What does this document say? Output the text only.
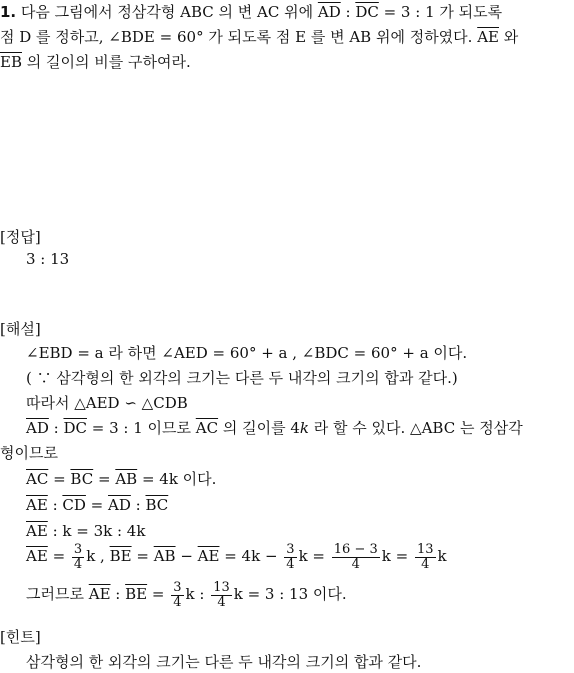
1. 다음 그림에서 정삼각형 ABC 의 변 AC 위에 $\overline{AD}$ : $\overline{DC} = 3$ : 1 가 되도록
점 D 를 정하고, ∠BDE = 60° 가 되도록 점 E 를 변 AB 위에 정하였다. $\overline{AE}$ 와
$\overline{EB}$ 의 길이의 비를 구하여라.
[정답]
3 : 13
[해설]
∠EBD = a 라 하면 ∠AED = 60° + a , ∠BDC = 60° + a 이다.
( ∵ 삼각형의 한 외각의 크기는 다른 두 내각의 크기의 합과 같다.)
따라서 △AED ∽ △CDB
$\overline{AD}$ : $\overline{DC} = 3$ : 1 이므로 $\overline{AC}$ 의 길이를 4k 라 할 수 있다. △ABC 는 정삼각
형이므로
$\overline{AC} = \overline{BC} = \overline{AB} = 4k$ 이다.
$\overline{AE}$ : $\overline{CD} = \overline{AD}$ : $\overline{BC}$
$\overline{AE}$ : k = 3k : 4k
$\overline{AE} = \frac{3}{4}$ k , $\overline{BE} = \overline{AB} - \overline{AE} = 4k - \frac{3}{4}$ $k = \frac{16 - 3}{4}$ $k = \frac{13}{4}$ k
그러므로 $\overline{AE}$ : $\overline{BE} = \frac{3}{4}$ k : $\frac{13}{4}$ k = 3 : 13 이다.
[힌트]
삼각형의 한 외각의 크기는 다른 두 내각의 크기의 합과 같다.
